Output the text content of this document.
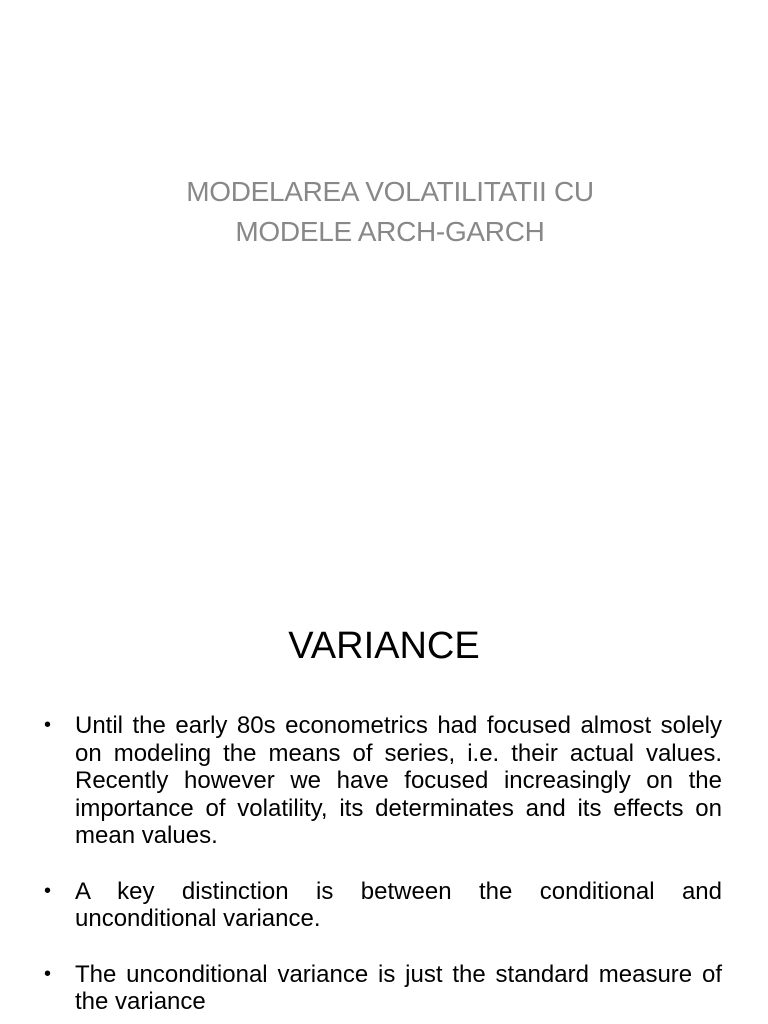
MODELAREA VOLATILITATII CU
MODELE ARCH-GARCH
VARIANCE
• Until the early 80s econometrics had focused almost solely on modeling the means of series, i.e. their actual values. Recently however we have focused increasingly on the importance of volatility, its determinates and its effects on mean values.
• A key distinction is between the conditional and unconditional variance.
• The unconditional variance is just the standard measure of the variance
